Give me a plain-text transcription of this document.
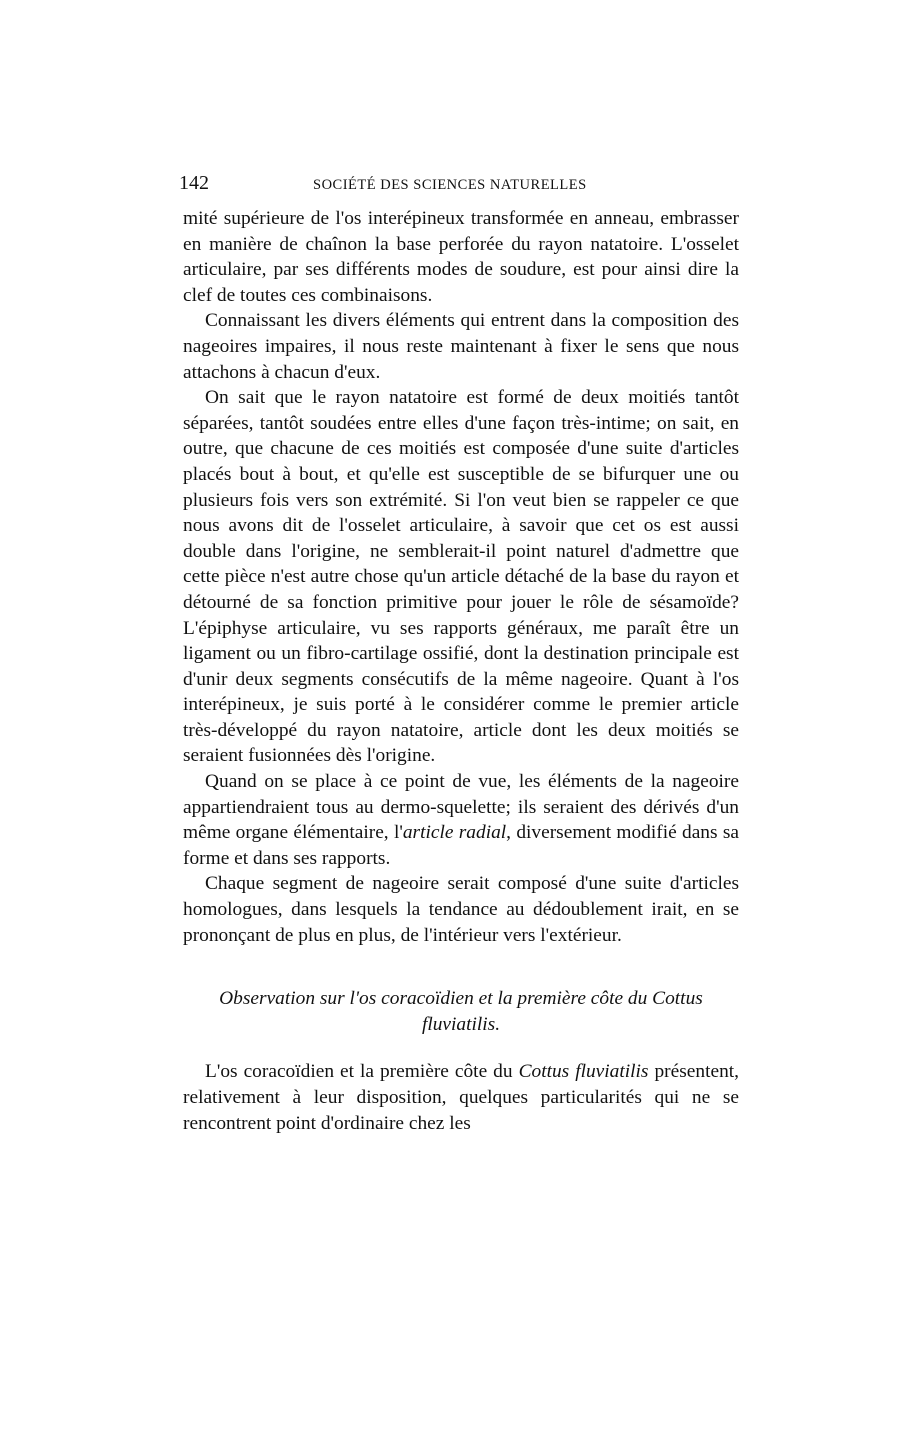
142	SOCIÉTÉ DES SCIENCES NATURELLES

mité supérieure de l'os interépineux transformée en anneau, embrasser en manière de chaînon la base perforée du rayon natatoire. L'osselet articulaire, par ses différents modes de soudure, est pour ainsi dire la clef de toutes ces combinaisons.

Connaissant les divers éléments qui entrent dans la composition des nageoires impaires, il nous reste maintenant à fixer le sens que nous attachons à chacun d'eux.

On sait que le rayon natatoire est formé de deux moitiés tantôt séparées, tantôt soudées entre elles d'une façon très-intime; on sait, en outre, que chacune de ces moitiés est composée d'une suite d'articles placés bout à bout, et qu'elle est susceptible de se bifurquer une ou plusieurs fois vers son extrémité. Si l'on veut bien se rappeler ce que nous avons dit de l'osselet articulaire, à savoir que cet os est aussi double dans l'origine, ne semblerait-il point naturel d'admettre que cette pièce n'est autre chose qu'un article détaché de la base du rayon et détourné de sa fonction primitive pour jouer le rôle de sésamoïde? L'épiphyse articulaire, vu ses rapports généraux, me paraît être un ligament ou un fibro-cartilage ossifié, dont la destination principale est d'unir deux segments consécutifs de la même nageoire. Quant à l'os interépineux, je suis porté à le considérer comme le premier article très-développé du rayon natatoire, article dont les deux moitiés se seraient fusionnées dès l'origine.

Quand on se place à ce point de vue, les éléments de la nageoire appartiendraient tous au dermo-squelette; ils seraient des dérivés d'un même organe élémentaire, l'article radial, diversement modifié dans sa forme et dans ses rapports.

Chaque segment de nageoire serait composé d'une suite d'articles homologues, dans lesquels la tendance au dédoublement irait, en se prononçant de plus en plus, de l'intérieur vers l'extérieur.

Observation sur l'os coracoïdien et la première côte du Cottus fluviatilis.

L'os coracoïdien et la première côte du Cottus fluviatilis présentent, relativement à leur disposition, quelques particularités qui ne se rencontrent point d'ordinaire chez les
